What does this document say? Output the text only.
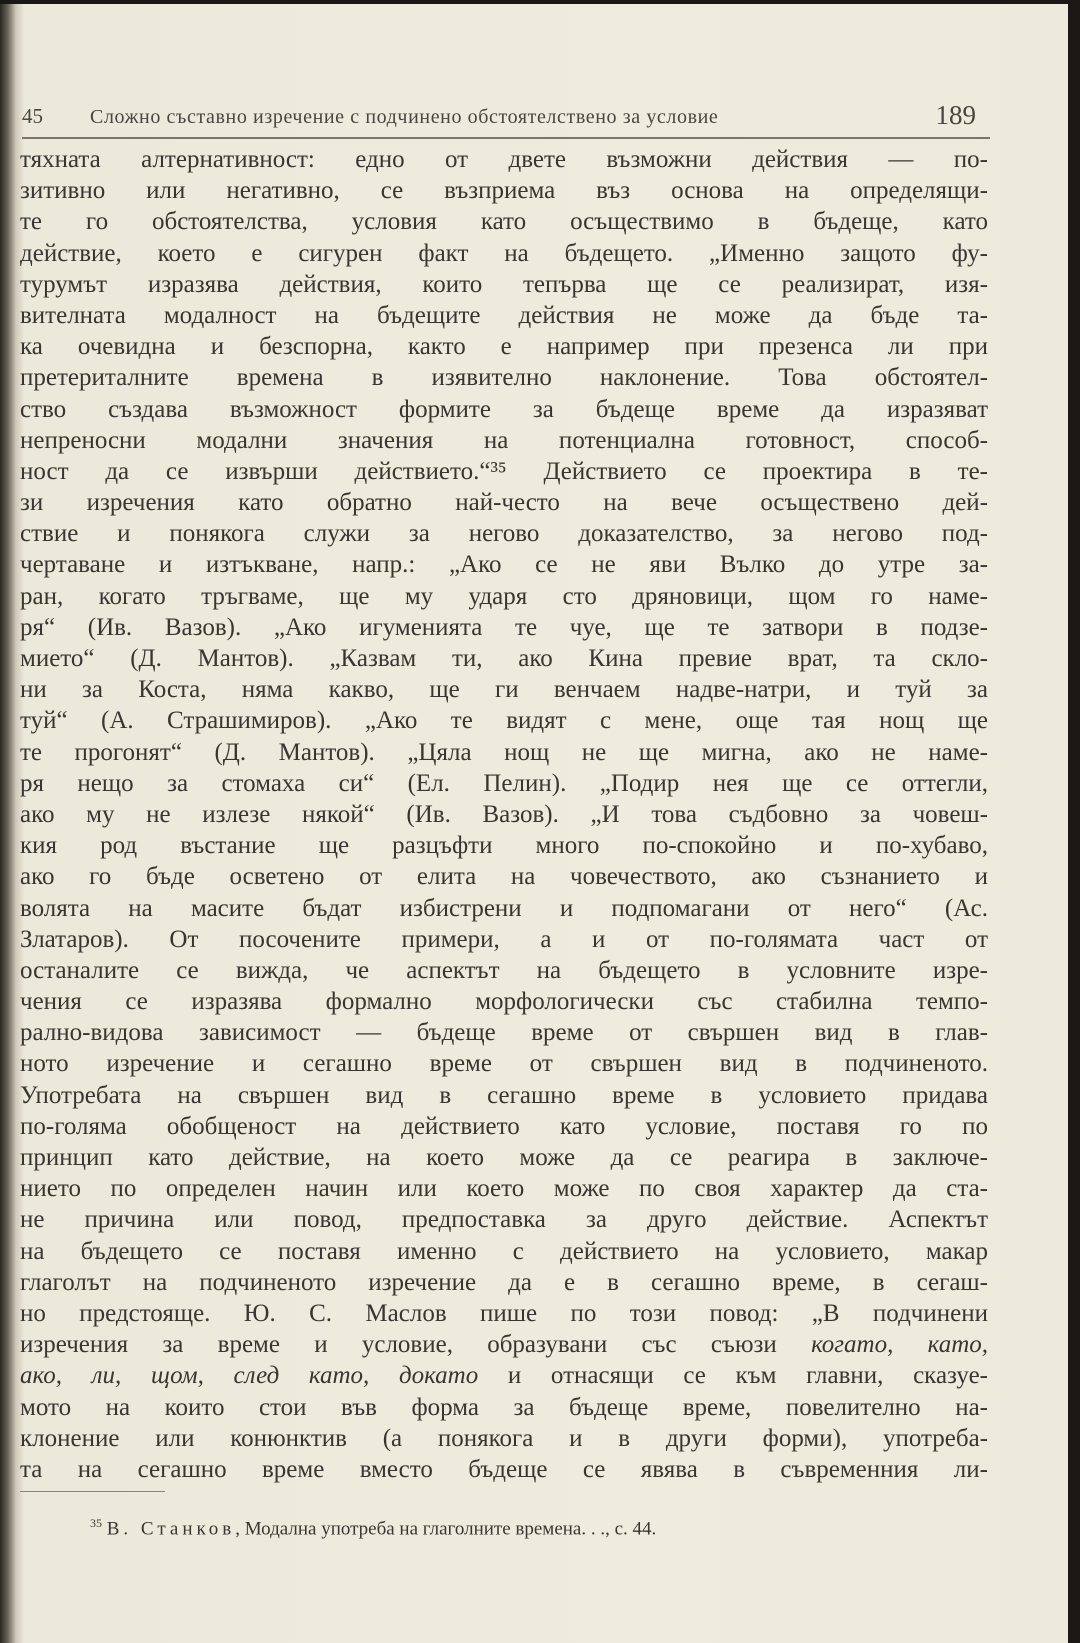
45 Сложно съставно изречение с подчинено обстоятелствено за условие	189
тяхната алтернативност: едно от двете възможни действия — по-
зитивно или негативно, се възприема въз основа на определящи-
те го обстоятелства, условия като осъществимо в бъдеще, като
действие, което е сигурен факт на бъдещето. „Именно защото фу-
турумът изразява действия, които тепърва ще се реализират, изя-
вителната модалност на бъдещите действия не може да бъде та-
ка очевидна и безспорна, както е например при презенса ли при
претериталните времена в изявително наклонение. Това обстоятел-
ство създава възможност формите за бъдеще време да изразяват
непреносни модални значения на потенциална готовност, способ-
ност да се извърши действието.“³⁵ Действието се проектира в те-
зи изречения като обратно най-често на вече осъществено дей-
ствие и понякога служи за негово доказателство, за негово под-
чертаване и изтъкване, напр.: „Ако се не яви Вълко до утре за-
ран, когато тръгваме, ще му ударя сто дряновици, щом го наме-
ря“ (Ив. Вазов). „Ако игуменията те чуе, ще те затвори в подзе-
мието“ (Д. Мантов). „Казвам ти, ако Кина превие врат, та скло-
ни за Коста, няма какво, ще ги венчаем надве-натри, и туй за
туй“ (А. Страшимиров). „Ако те видят с мене, още тая нощ ще
те прогонят“ (Д. Мантов). „Цяла нощ не ще мигна, ако не наме-
ря нещо за стомаха си“ (Ел. Пелин). „Подир нея ще се оттегли,
ако му не излезе някой“ (Ив. Вазов). „И това съдбовно за човеш-
кия род въстание ще разцъфти много по-спокойно и по-хубаво,
ако го бъде осветено от елита на човечеството, ако съзнанието и
волята на масите бъдат избистрени и подпомагани от него“ (Ас.
Златаров). От посочените примери, а и от по-голямата част от
останалите се вижда, че аспектът на бъдещето в условните изре-
чения се изразява формално морфологически със стабилна темпо-
рално-видова зависимост — бъдеще време от свършен вид в глав-
ното изречение и сегашно време от свършен вид в подчиненото.
Употребата на свършен вид в сегашно време в условието придава
по-голяма обобщеност на действието като условие, поставя го по
принцип като действие, на което може да се реагира в заключе-
нието по определен начин или което може по своя характер да ста-
не причина или повод, предпоставка за друго действие. Аспектът
на бъдещето се поставя именно с действието на условието, макар
глаголът на подчиненото изречение да е в сегашно време, в сегаш-
но предстояще. Ю. С. Маслов пише по този повод: „В подчинени
изречения за време и условие, образувани със съюзи когато, като,
ако, ли, щом, след като, докато и отнасящи се към главни, сказуе-
мото на които стои във форма за бъдеще време, повелително на-
клонение или конюнктив (а понякога и в други форми), употреба-
та на сегашно време вместо бъдеще се явява в съвременния ли-
$^{35}$ В. Станков, Модална употреба на глаголните времена. . ., с. 44.
